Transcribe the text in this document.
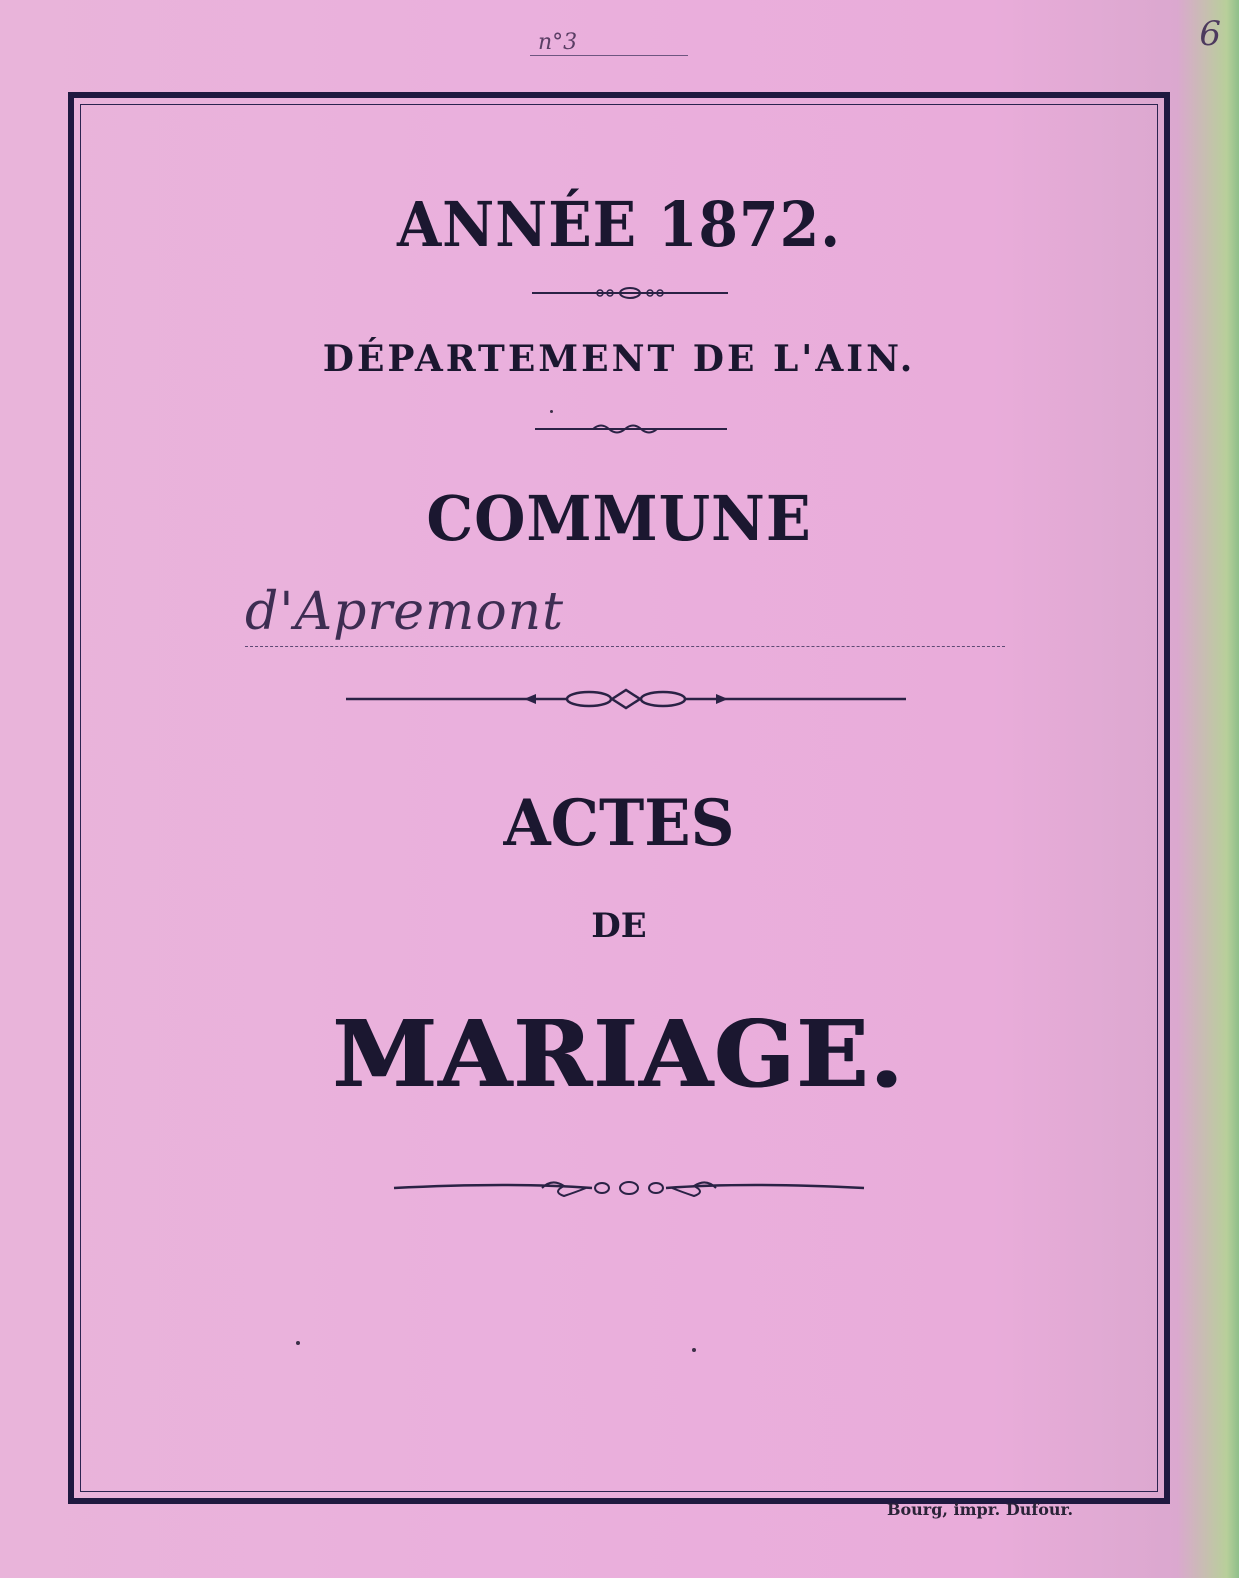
n°3	6
ANNÉE 1872.
DÉPARTEMENT DE L'AIN.
COMMUNE
d'Apremont
ACTES
DE
MARIAGE.
Bourg, impr. Dufour.
